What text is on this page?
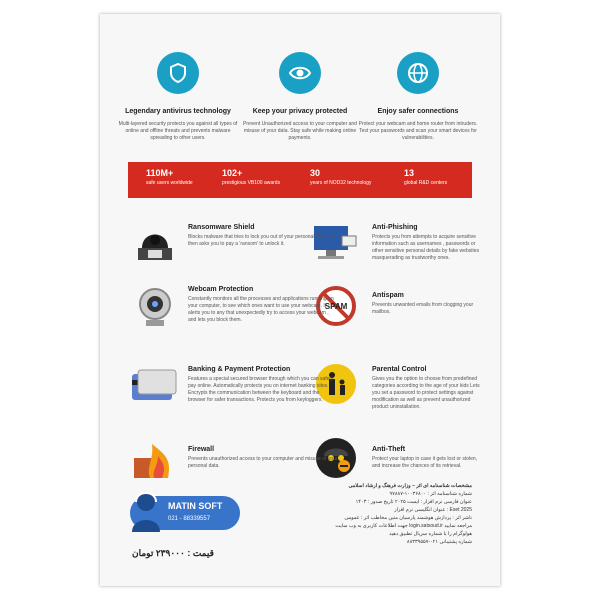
Legendary antivirus technology

Multi-layered security protects you against all types of online and offline threats and prevents malware spreading to other users.

Keep your privacy protected

Prevent Unauthorized access to your computer and misuse of your data. Stay safe while making online payments.

Enjoy safer connections

Protect your webcam and home router from intruders. Test your passwords and scan your smart devices for vulnerabilities.

110M+
safe users worldwide
102+
prestigious VB100 awards
30
years of NOD32 technology
13
global R&D centers
SPAM
Ransomware Shield

Blocks malware that tries to lock you out of your personal data and then asks you to pay a 'ransom' to unlock it.

Webcam Protection

Constantly monitors all the processes and applications running on your computer, to see which ones want to use your webcam. It alerts you to any that unexpectedly try to access your webcam , and lets you block them.

Banking & Payment Protection

Features a special secured browser through which you can safely pay online. Automatically protects you on internet banking sites. Encrypts the communication between the keyboard and the browser for safer transactions. Protects you from keyloggers.

Firewall

Prevents unauthorized access to your computer and misuse of your personal data.

Anti-Phishing

Protects you from attempts to acquire sensitive information such as usernames , passwords or other sensitive personal details by fake websites masquerading as trustworthy ones.

Antispam

Prevents unwanted emails from clogging your mailbox.

Parental Control

Gives you the option to choose from predefined categories according to the age of your kids Lets you set a password to protect settings against modification as well as prevent unauthorized product uninstallation.

Anti-Theft

Protect your laptop in case it gets lost or stolen, and increase the chances of its retrieval.

MATIN SOFT
021 - 88339557
قیمت : ۲۳۹۰۰۰ تومان
مشخصات شناسنامه ای اثر – وزارت فرهنگ و ارشاد اسلامی
شماره شناسنامه اثر : ۱۰۰۳۶۸۰۰-۹۷۸۸۷
عنوان فارسی نرم افزار : ایست ۲۰۲۵ تاریخ صدور : ۱۴۰۳
عنوان انگلیسی نرم افزار : Eset 2025
ناشر اثر : پردازش هوشمند پارسیان متین مخاطب اثر : عمومی
جهت اطلاعات کاربری به وب سایت login.satsoud.ir مراجعه نمایید
هولوگرام را با شماره سریال تطبیق دهید
شماره پشتیبانی ۰۲۱-۸۸۳۳۹۵۵۷
